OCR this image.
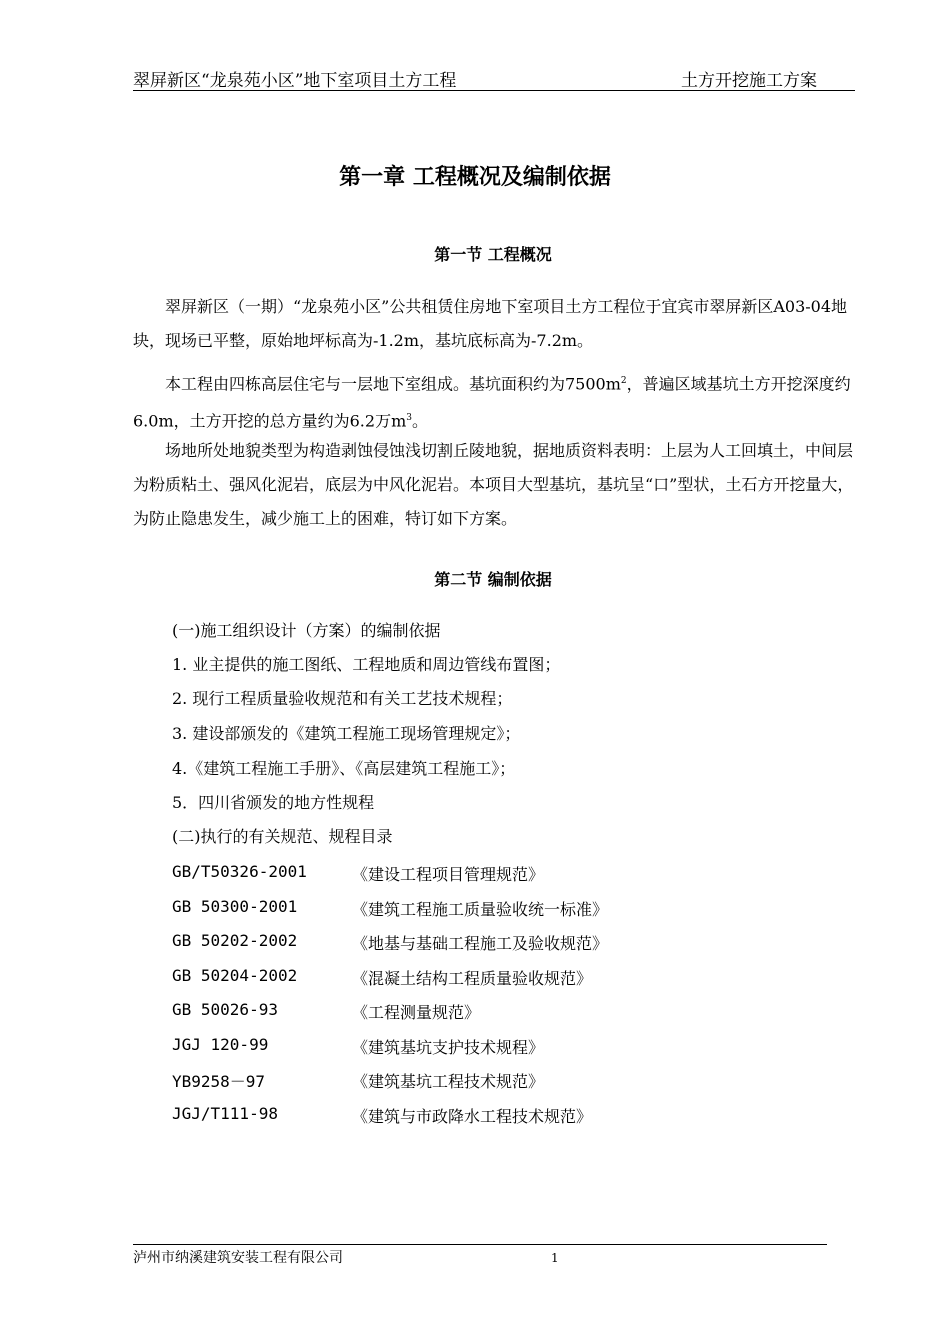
翠屏新区“龙泉苑小区”地下室项目土方工程	土方开挖施工方案
第一章 工程概况及编制依据
第一节 工程概况
翠屏新区（一期）“龙泉苑小区”公共租赁住房地下室项目土方工程位于宜宾市翠屏新区A03-04地块，现场已平整，原始地坪标高为-1.2m，基坑底标高为-7.2m。
本工程由四栋高层住宅与一层地下室组成。基坑面积约为$7500m^2$，普遍区域基坑土方开挖深度约6.0m，土方开挖的总方量约为6.2万$m^3$。
场地所处地貌类型为构造剥蚀侵蚀浅切割丘陵地貌，据地质资料表明：上层为人工回填土，中间层为粉质粘土、强风化泥岩，底层为中风化泥岩。本项目大型基坑，基坑呈“口”型状，土石方开挖量大，为防止隐患发生，减少施工上的困难，特订如下方案。
第二节 编制依据
(一)施工组织设计（方案）的编制依据
1. 业主提供的施工图纸、工程地质和周边管线布置图；
2. 现行工程质量验收规范和有关工艺技术规程；
3. 建设部颁发的《建筑工程施工现场管理规定》；
4.《建筑工程施工手册》、《高层建筑工程施工》；
5．四川省颁发的地方性规程
(二)执行的有关规范、规程目录
GB/T50326-2001	《建设工程项目管理规范》
GB 50300-2001	《建筑工程施工质量验收统一标准》
GB 50202-2002	《地基与基础工程施工及验收规范》
GB 50204-2002	《混凝土结构工程质量验收规范》
GB 50026-93	《工程测量规范》
JGJ 120-99	《建筑基坑支护技术规程》
YB9258－97	《建筑基坑工程技术规范》
JGJ/T111-98	《建筑与市政降水工程技术规范》
泸州市纳溪建筑安装工程有限公司	1
